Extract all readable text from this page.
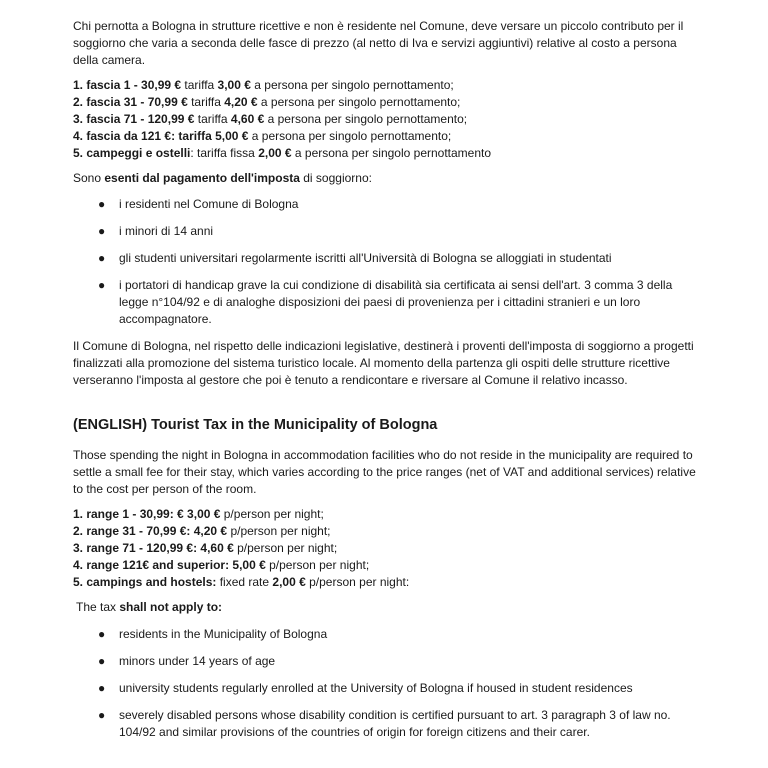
Chi pernotta a Bologna in strutture ricettive e non è residente nel Comune, deve versare un piccolo contributo per il soggiorno che varia a seconda delle fasce di prezzo (al netto di Iva e servizi aggiuntivi) relative al costo a persona della camera.

1. fascia 1 - 30,99 € tariffa 3,00 € a persona per singolo pernottamento;

2. fascia 31 - 70,99 € tariffa 4,20 € a persona per singolo pernottamento;

3. fascia 71 - 120,99 € tariffa 4,60 € a persona per singolo pernottamento;

4. fascia da 121 €: tariffa 5,00 € a persona per singolo pernottamento;

5. campeggi e ostelli: tariffa fissa 2,00 € a persona per singolo pernottamento

Sono esenti dal pagamento dell'imposta di soggiorno:

● i residenti nel Comune di Bologna
● i minori di 14 anni
● gli studenti universitari regolarmente iscritti all'Università di Bologna se alloggiati in studentati
● i portatori di handicap grave la cui condizione di disabilità sia certificata ai sensi dell'art. 3 comma 3 della legge n°104/92 e di analoghe disposizioni dei paesi di provenienza per i cittadini stranieri e un loro accompagnatore.

Il Comune di Bologna, nel rispetto delle indicazioni legislative, destinerà i proventi dell'imposta di soggiorno a progetti finalizzati alla promozione del sistema turistico locale. Al momento della partenza gli ospiti delle strutture ricettive verseranno l'imposta al gestore che poi è tenuto a rendicontare e riversare al Comune il relativo incasso.

(ENGLISH) Tourist Tax in the Municipality of Bologna

Those spending the night in Bologna in accommodation facilities who do not reside in the municipality are required to settle a small fee for their stay, which varies according to the price ranges (net of VAT and additional services) relative to the cost per person of the room.

1. range 1 - 30,99: € 3,00 € p/person per night;

2. range 31 - 70,99 €: 4,20 € p/person per night;

3. range 71 - 120,99 €: 4,60 € p/person per night;

4. range 121€ and superior: 5,00 € p/person per night;

5. campings and hostels: fixed rate 2,00 € p/person per night:

The tax shall not apply to:

● residents in the Municipality of Bologna
● minors under 14 years of age
● university students regularly enrolled at the University of Bologna if housed in student residences
● severely disabled persons whose disability condition is certified pursuant to art. 3 paragraph 3 of law no. 104/92 and similar provisions of the countries of origin for foreign citizens and their carer.
